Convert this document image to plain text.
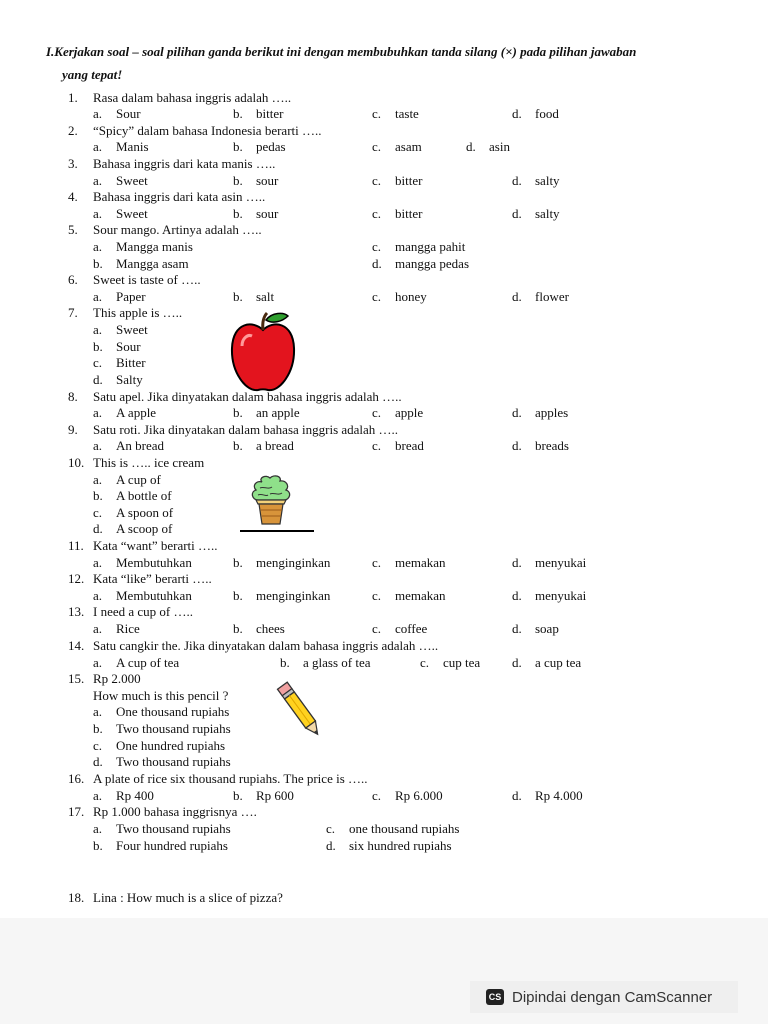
I.Kerjakan soal – soal pilihan ganda berikut ini dengan membubuhkan tanda silang (×) pada pilihan jawaban
yang tepat!
1. Rasa dalam bahasa inggris adalah …..
a. Sour	b. bitter	c. taste	d. food
2. “Spicy” dalam bahasa Indonesia berarti …..
a. Manis	b. pedas	c. asam	d. asin
3. Bahasa inggris dari kata manis …..
a. Sweet	b. sour	c. bitter	d. salty
4. Bahasa inggris dari kata asin …..
a. Sweet	b. sour	c. bitter	d. salty
5. Sour mango. Artinya adalah …..
a. Mangga manis	c. mangga pahit
b. Mangga asam	d. mangga pedas
6. Sweet is taste of …..
a. Paper	b. salt	c. honey	d. flower
7. This apple is …..
a. Sweet
b. Sour
c. Bitter
d. Salty
8. Satu apel. Jika dinyatakan dalam bahasa inggris adalah …..
a. A apple	b. an apple	c. apple	d. apples
9. Satu roti. Jika dinyatakan dalam bahasa inggris adalah …..
a. An bread	b. a bread	c. bread	d. breads
10. This is ….. ice cream
a. A cup of
b. A bottle of
c. A spoon of
d. A scoop of
11. Kata “want” berarti …..
a. Membutuhkan	b. menginginkan	c. memakan	d. menyukai
12. Kata “like” berarti …..
a. Membutuhkan	b. menginginkan	c. memakan	d. menyukai
13. I need a cup of …..
a. Rice	b. chees	c. coffee	d. soap
14. Satu cangkir the. Jika dinyatakan dalam bahasa inggris adalah …..
a. A cup of tea	b. a glass of tea	c. cup tea d. a cup tea
15. Rp 2.000
How much is this pencil ?
a. One thousand rupiahs
b. Two thousand rupiahs
c. One hundred rupiahs
d. Two thousand rupiahs
16. A plate of rice six thousand rupiahs. The price is …..
a. Rp 400	b. Rp 600	c. Rp 6.000	d. Rp 4.000
17. Rp 1.000 bahasa inggrisnya ….
a. Two thousand rupiahs	c. one thousand rupiahs
b. Four hundred rupiahs	d. six hundred rupiahs
18. Lina : How much is a slice of pizza?
CS Dipindai dengan CamScanner
